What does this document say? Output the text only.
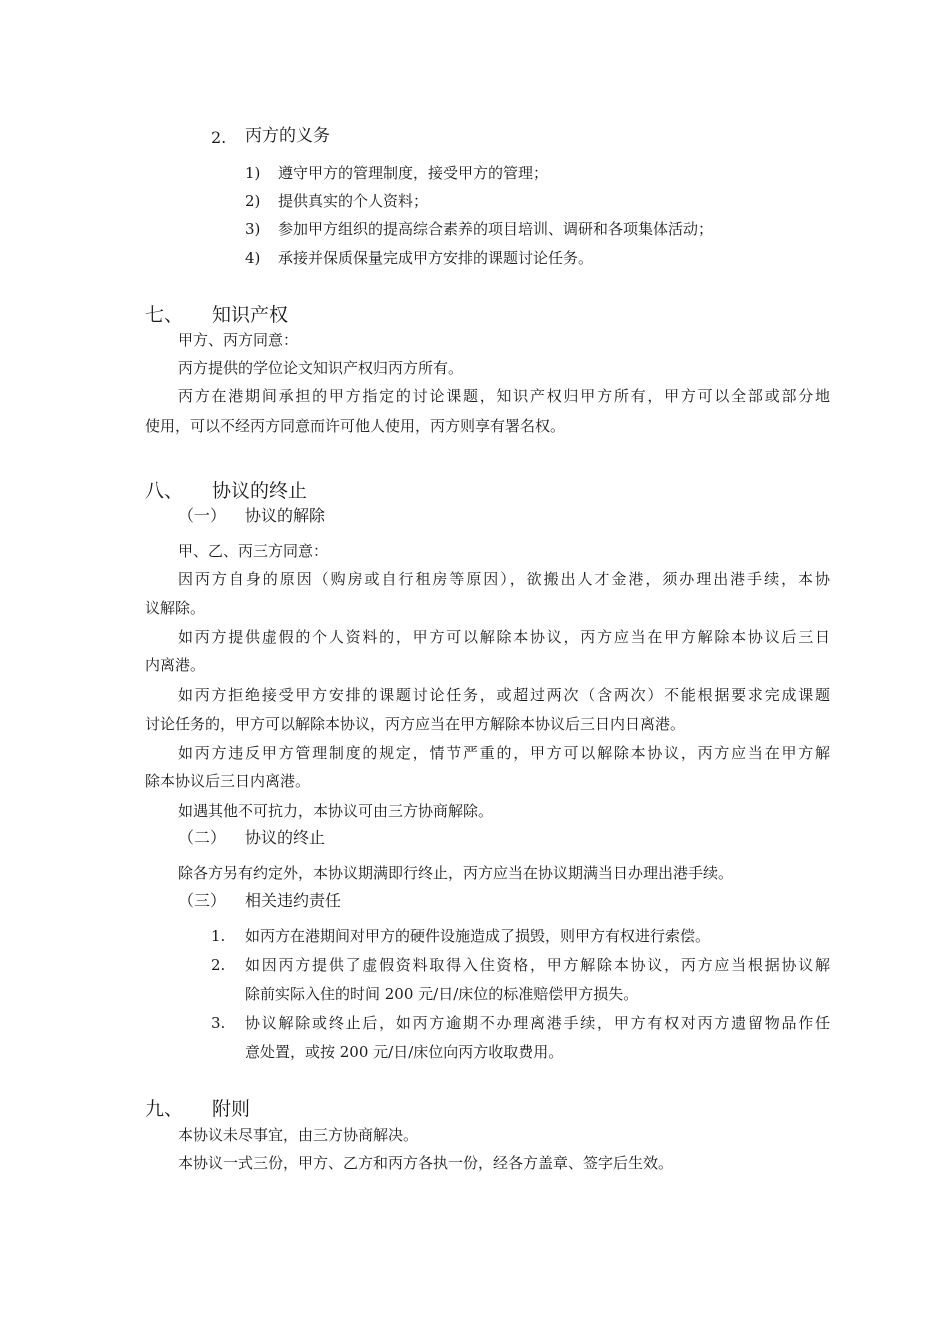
2. 丙方的义务
1) 遵守甲方的管理制度，接受甲方的管理；
2) 提供真实的个人资料；
3) 参加甲方组织的提高综合素养的项目培训、调研和各项集体活动；
4) 承接并保质保量完成甲方安排的课题讨论任务。
七、 知识产权
甲方、丙方同意：
丙方提供的学位论文知识产权归丙方所有。
丙方在港期间承担的甲方指定的讨论课题，知识产权归甲方所有，甲方可以全部或部分地
使用，可以不经丙方同意而许可他人使用，丙方则享有署名权。
八、 协议的终止
（一） 协议的解除
甲、乙、丙三方同意：
因丙方自身的原因（购房或自行租房等原因），欲搬出人才金港，须办理出港手续，本协
议解除。
如丙方提供虚假的个人资料的，甲方可以解除本协议，丙方应当在甲方解除本协议后三日
内离港。
如丙方拒绝接受甲方安排的课题讨论任务，或超过两次（含两次）不能根据要求完成课题
讨论任务的，甲方可以解除本协议，丙方应当在甲方解除本协议后三日内日离港。
如丙方违反甲方管理制度的规定，情节严重的，甲方可以解除本协议，丙方应当在甲方解
除本协议后三日内离港。
如遇其他不可抗力，本协议可由三方协商解除。
（二） 协议的终止
除各方另有约定外，本协议期满即行终止，丙方应当在协议期满当日办理出港手续。
（三） 相关违约责任
1. 如丙方在港期间对甲方的硬件设施造成了损毁，则甲方有权进行索偿。
2. 如因丙方提供了虚假资料取得入住资格，甲方解除本协议，丙方应当根据协议解
除前实际入住的时间 200 元/日/床位的标准赔偿甲方损失。
3. 协议解除或终止后，如丙方逾期不办理离港手续，甲方有权对丙方遗留物品作任
意处置，或按 200 元/日/床位向丙方收取费用。
九、 附则
本协议未尽事宜，由三方协商解决。
本协议一式三份，甲方、乙方和丙方各执一份，经各方盖章、签字后生效。
